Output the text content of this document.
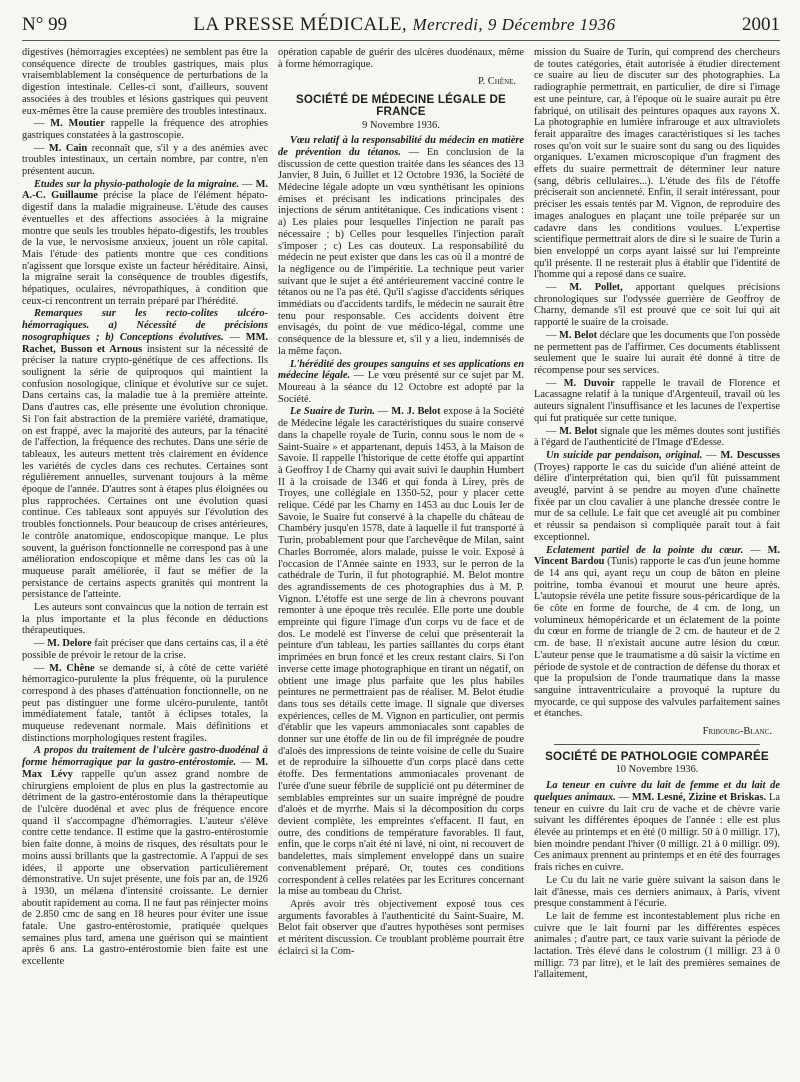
N° 99	LA PRESSE MÉDICALE, Mercredi, 9 Décembre 1936	2001

digestives (hémorragies exceptées) ne semblent pas être la conséquence directe de troubles gastriques, mais plus vraisemblablement la conséquence de perturbations de la digestion intestinale. Celles-ci sont, d'ailleurs, souvent associées à des troubles et lésions gastriques qui peuvent eux-mêmes être la cause première des troubles intestinaux.

— M. Moutier rappelle la fréquence des atrophies gastriques constatées à la gastroscopie.

— M. Cain reconnaît que, s'il y a des anémies avec troubles intestinaux, un certain nombre, par contre, n'en présentent aucun.

Etudes sur la physio-pathologie de la migraine. — M. A.-C. Guillaume précise la place de l'élément hépato-digestif dans la maladie migraineuse. L'étude des causes éventuelles et des affections associées à la migraine montre que seuls les troubles hépato-digestifs, les troubles de la vue, le nervosisme anxieux, jouent un rôle capital. Mais l'étude des patients montre que ces conditions n'agissent que lorsque existe un facteur héréditaire. Ainsi, la migraine serait la conséquence de troubles digestifs, hépatiques, oculaires, névropathiques, à condition que ceux-ci rencontrent un terrain préparé par l'hérédité.

Remarques sur les recto-colites ulcéro-hémorragiques. a) Nécessité de précisions nosographiques ; b) Conceptions évolutives. — MM. Rachet, Busson et Arnous insistent sur la nécessité de préciser la nature crypto-génétique de ces affections. Ils soulignent la série de quiproquos qui maintient la confusion nosologique, clinique et évolutive sur ce sujet. Dans certains cas, la maladie tue à la première atteinte. Dans d'autres cas, elle présente une évolution chronique. Si l'on fait abstraction de la première variété, dramatique, on est frappé, avec la majorité des auteurs, par la ténacité de l'affection, la fréquence des rechutes. Dans une série de tableaux, les auteurs mettent très clairement en évidence les variétés de cycles dans ces rechutes. Certaines sont régulièrement annuelles, survenant toujours à la même époque de l'année. D'autres sont à étapes plus éloignées ou plus rapprochées. Certaines ont une évolution quasi continue. Ces tableaux sont appuyés sur l'évolution des troubles fonctionnels. Pour beaucoup de crises antérieures, le contrôle anatomique, endoscopique manque. Le plus souvent, la guérison fonctionnelle ne correspond pas à une amélioration endoscopique et même dans les cas où la muqueuse paraît améliorée, il faut se méfier de la persistance de certains aspects granités qui montrent la persistance de l'atteinte.

Les auteurs sont convaincus que la notion de terrain est la plus importante et la plus féconde en déductions thérapeutiques.

— M. Delore fait préciser que dans certains cas, il a été possible de prévoir le retour de la crise.

— M. Chêne se demande si, à côté de cette variété hémorragico-purulente la plus fréquente, où la purulence correspond à des phases d'atténuation fonctionnelle, on ne peut pas distinguer une forme ulcéro-purulente, tantôt immédiatement fatale, tantôt à éclipses totales, la muqueuse redevenant normale. Mais définitions et distinctions morphologiques restent fragiles.

A propos du traitement de l'ulcère gastro-duodénal à forme hémorragique par la gastro-entérostomie. — M. Max Lévy rappelle qu'un assez grand nombre de chirurgiens emploient de plus en plus la gastrectomie au détriment de la gastro-entérostomie dans la thérapeutique de l'ulcère duodénal et avec plus de fréquence encore quand il s'accompagne d'hémorragies. L'auteur s'élève contre cette tendance. Il estime que la gastro-entérostomie bien faite donne, à moins de risques, des résultats pour le moins aussi brillants que la gastrectomie. A l'appui de ses idées, il apporte une observation particulièrement démonstrative. Un sujet présente, une fois par an, de 1926 à 1930, un mélæna d'intensité croissante. Le dernier aboutit rapidement au coma. Il ne faut pas réinjecter moins de 2.850 cmc de sang en 18 heures pour éviter une issue fatale. Une gastro-entérostomie, pratiquée quelques semaines plus tard, amena une guérison qui se maintient après 6 ans. La gastro-entérostomie bien faite est une excellente

opération capable de guérir des ulcères duodénaux, même à forme hémorragique.

P. Chêne.
SOCIÉTÉ DE MÉDECINE LÉGALE DE FRANCE
9 Novembre 1936.

Vœu relatif à la responsabilité du médecin en matière de prévention du tétanos. — En conclusion de la discussion de cette question traitée dans les séances des 13 Janvier, 8 Juin, 6 Juillet et 12 Octobre 1936, la Société de Médecine légale adopte un vœu synthétisant les opinions émises et précisant les indications principales des injections de sérum antitétanique. Ces indications visent : a) Les plaies pour lesquelles l'injection ne paraît pas nécessaire ; b) Celles pour lesquelles l'injection paraît s'imposer ; c) Les cas douteux. La responsabilité du médecin ne peut exister que dans les cas où il a montré de la négligence ou de l'impéritie. La technique peut varier suivant que le sujet a été antérieurement vacciné contre le tétanos ou ne l'a pas été. Qu'il s'agisse d'accidents sériques immédiats ou d'accidents tardifs, le médecin ne saurait être tenu pour responsable. Ces accidents doivent être envisagés, du point de vue médico-légal, comme une conséquence de la blessure et, s'il y a lieu, indemnisés de la même façon.

L'hérédité des groupes sanguins et ses applications en médecine légale. — Le vœu présenté sur ce sujet par M. Moureau à la séance du 12 Octobre est adopté par la Société.

Le Suaire de Turin. — M. J. Belot expose à la Société de Médecine légale les caractéristiques du suaire conservé dans la chapelle royale de Turin, connu sous le nom de « Saint-Suaire » et appartenant, depuis 1453, à la Maison de Savoie. Il rappelle l'historique de cette étoffe qui appartint à Geoffroy I de Charny qui avait suivi le dauphin Humbert II à la croisade de 1346 et qui fonda à Lirey, près de Troyes, une collégiale en 1350-52, pour y placer cette relique. Cédé par les Charny en 1453 au duc Louis Ier de Savoie, le Suaire fut conservé à la chapelle du château de Chambéry jusqu'en 1578, date à laquelle il fut transporté à Turin, probablement pour que l'archevêque de Milan, saint Charles Borromée, alors malade, puisse le voir. Exposé à l'occasion de l'Année sainte en 1933, sur le perron de la cathédrale de Turin, il fut photographié. M. Belot montre des agrandissements de ces photographies dus à M. P. Vignon. L'étoffe est une serge de lin à chevrons pouvant remonter à une époque très reculée. Elle porte une double empreinte qui figure l'image d'un corps vu de face et de dos. Le modelé est l'inverse de celui que présenterait la peinture d'un tableau, les parties saillantes du corps étant imprimées en brun foncé et les creux restant clairs. Si l'on inverse cette image photographique en tirant un négatif, on obtient une image plus parfaite que les plus habiles peintures ne permettraient pas de réaliser. M. Belot étudie dans tous ses détails cette image. Il signale que diverses expériences, celles de M. Vignon en particulier, ont permis d'établir que les vapeurs ammoniacales sont capables de donner sur une étoffe de lin ou de fil imprégnée de poudre d'aloès des impressions de teinte voisine de celle du Suaire et de reproduire la silhouette d'un corps placé dans cette étoffe. Des fermentations ammoniacales provenant de l'urée d'une sueur fébrile de supplicié ont pu déterminer de semblables empreintes sur un suaire imprégné de poudre d'aloès et de myrrhe. Mais si la décomposition du corps devient complète, les empreintes s'effacent. Il faut, en outre, des conditions de température favorables. Il faut, enfin, que le corps n'ait été ni lavé, ni oint, ni recouvert de bandelettes, mais simplement enveloppé dans un suaire convenablement préparé. Or, toutes ces conditions correspondent à celles relatées par les Ecritures concernant la mise au tombeau du Christ.

Après avoir très objectivement exposé tous ces arguments favorables à l'authenticité du Saint-Suaire, M. Belot fait observer que d'autres hypothèses sont permises et méritent discussion. Ce troublant problème pourrait être éclairci si la Com-

mission du Suaire de Turin, qui comprend des chercheurs de toutes catégories, était autorisée à étudier directement ce suaire au lieu de discuter sur des photographies. La radiographie permettrait, en particulier, de dire si l'image est une peinture, car, à l'époque où le suaire aurait pu être fabriqué, on utilisait des peintures opaques aux rayons X. La photographie en lumière infrarouge et aux ultraviolets ferait apparaître des images caractéristiques si les taches roses qu'on voit sur le suaire sont du sang ou des liquides organiques. L'examen microscopique d'un fragment des effets du suaire permettrait de déterminer leur nature (sang, débris cellulaires...). L'étude des fils de l'étoffe préciserait son ancienneté. Enfin, il serait intéressant, pour préciser les essais tentés par M. Vignon, de reproduire des images analogues en plaçant une toile préparée sur un cadavre dans les conditions voulues. L'expertise scientifique permettrait alors de dire si le suaire de Turin a bien enveloppé un corps ayant laissé sur lui l'empreinte qu'il présente. Il ne resterait plus à établir que l'identité de l'homme qui a reposé dans ce suaire.

— M. Pollet, apportant quelques précisions chronologiques sur l'odyssée guerrière de Geoffroy de Charny, demande s'il est prouvé que ce soit lui qui ait rapporté le suaire de la croisade.

— M. Belot déclare que les documents que l'on possède ne permettent pas de l'affirmer. Ces documents établissent seulement que le suaire lui aurait été donné à titre de récompense pour ses services.

— M. Duvoir rappelle le travail de Florence et Lacassagne relatif à la tunique d'Argenteuil, travail où les auteurs signalent l'insuffisance et les lacunes de l'expertise qui fut pratiquée sur cette tunique.

— M. Belot signale que les mêmes doutes sont justifiés à l'égard de l'authenticité de l'Image d'Edesse.

Un suicide par pendaison, original. — M. Descusses (Troyes) rapporte le cas du suicide d'un aliéné atteint de délire d'interprétation qui, bien qu'il fût puissamment aveuglé, parvint à se pendre au moyen d'une chaînette fixée par un clou cavalier à une planche dressée contre le mur de sa cellule. Le fait que cet aveuglé ait pu combiner et réussir sa pendaison si compliquée paraît tout à fait exceptionnel.

Eclatement partiel de la pointe du cœur. — M. Vincent Bardou (Tunis) rapporte le cas d'un jeune homme de 14 ans qui, ayant reçu un coup de bâton en pleine poitrine, tomba évanoui et mourut une heure après. L'autopsie révéla une petite fissure sous-péricardique de la 6e côte en forme de fourche, de 4 cm. de long, un volumineux hémopéricarde et un éclatement de la pointe du cœur en forme de triangle de 2 cm. de hauteur et de 2 cm. de base. Il n'existait aucune autre lésion du cœur. L'auteur pense que le traumatisme a dû saisir la victime en période de systole et de contraction de défense du thorax et que la propulsion de l'onde traumatique dans la masse sanguine intraventriculaire a provoqué la rupture du myocarde, ce qui suppose des valvules parfaitement saines et étanches.

Fribourg-Blanc.
SOCIÉTÉ DE PATHOLOGIE COMPARÉE
10 Novembre 1936.

La teneur en cuivre du lait de femme et du lait de quelques animaux. — MM. Lesné, Zizine et Briskas. La teneur en cuivre du lait cru de vache et de chèvre varie suivant les différentes époques de l'année : elle est plus élevée au printemps et en été (0 milligr. 50 à 0 milligr. 17), bien moindre pendant l'hiver (0 milligr. 21 à 0 milligr. 09). Ces animaux prennent au printemps et en été des fourrages frais riches en cuivre.

Le Cu du lait ne varie guère suivant la saison dans le lait d'ânesse, mais ces derniers animaux, à Paris, vivent presque constamment à l'écurie.

Le lait de femme est incontestablement plus riche en cuivre que le lait fourni par les différentes espèces animales ; d'autre part, ce taux varie suivant la période de lactation. Très élevé dans le colostrum (1 milligr. 23 à 0 milligr. 73 par litre), et le lait des premières semaines de l'allaitement,
